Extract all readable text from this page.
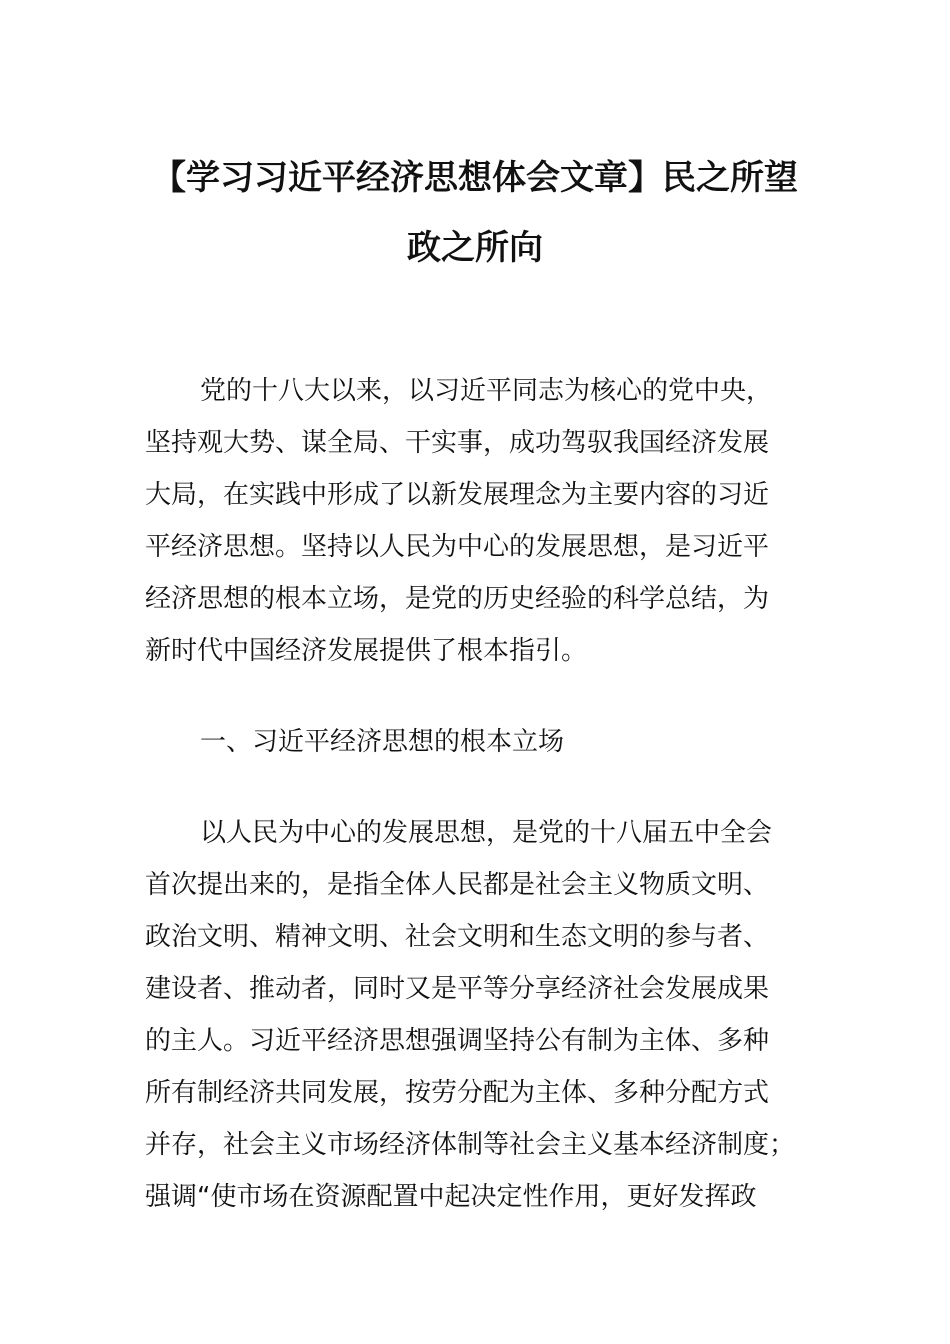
【学习习近平经济思想体会文章】民之所望
政之所向
党的十八大以来，以习近平同志为核心的党中央，
坚持观大势、谋全局、干实事，成功驾驭我国经济发展
大局，在实践中形成了以新发展理念为主要内容的习近
平经济思想。坚持以人民为中心的发展思想，是习近平
经济思想的根本立场，是党的历史经验的科学总结，为
新时代中国经济发展提供了根本指引。
一、习近平经济思想的根本立场
以人民为中心的发展思想，是党的十八届五中全会
首次提出来的，是指全体人民都是社会主义物质文明、
政治文明、精神文明、社会文明和生态文明的参与者、
建设者、推动者，同时又是平等分享经济社会发展成果
的主人。习近平经济思想强调坚持公有制为主体、多种
所有制经济共同发展，按劳分配为主体、多种分配方式
并存，社会主义市场经济体制等社会主义基本经济制度；
强调“使市场在资源配置中起决定性作用，更好发挥政
